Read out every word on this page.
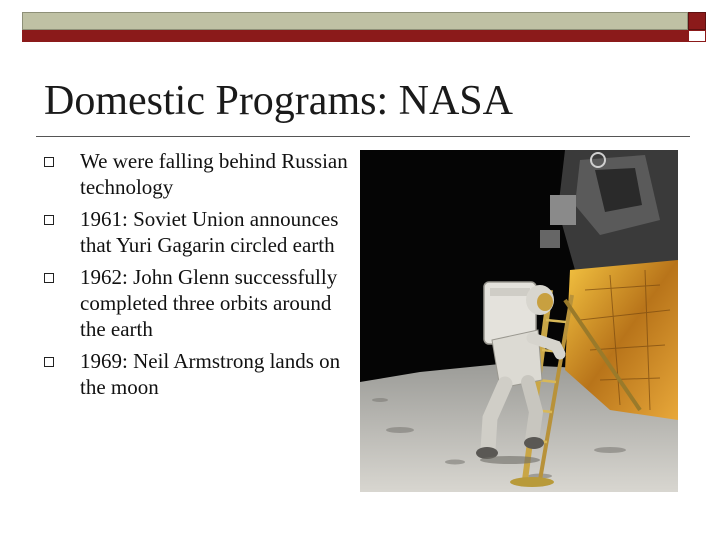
Domestic Programs: NASA
We were falling behind Russian technology
1961: Soviet Union announces that Yuri Gagarin circled earth
1962: John Glenn successfully completed three orbits around the earth
1969: Neil Armstrong lands on the moon
